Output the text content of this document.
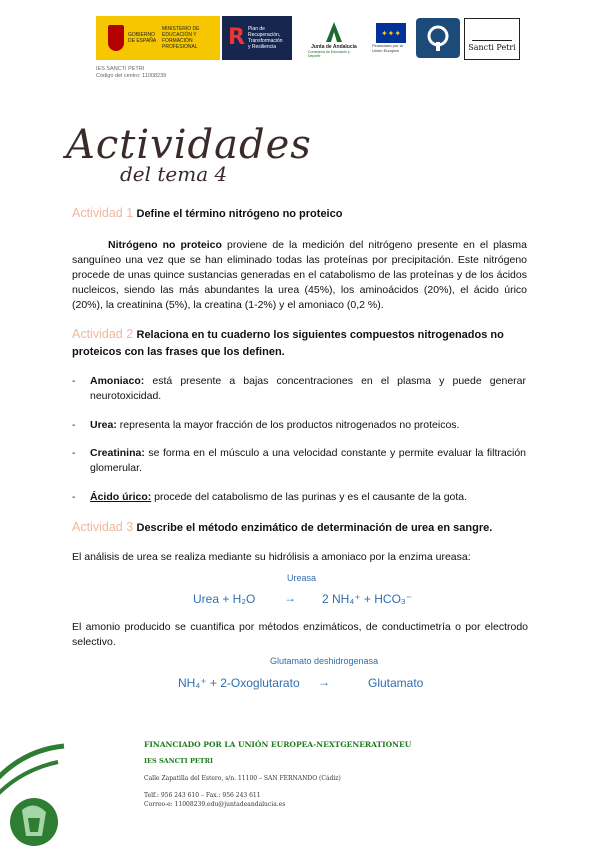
GOBIERNO DE ESPAÑA
MINISTERIO DE EDUCACIÓN Y FORMACIÓN PROFESIONAL	R Plan de Recuperación, Transformación y Resiliencia	Junta de Andalucía
Consejería de Educación y Deporte
✦✦✦
Financiado por la Unión Europea	Sancti Petri
IES SANCTI PETRI
Código del centro: 11008239
Actividades
del tema 4
Actividad 1 Define el término nitrógeno no proteico
Nitrógeno no proteico proviene de la medición del nitrógeno presente en el plasma sanguíneo una vez que se han eliminado todas las proteínas por precipitación. Este nitrógeno procede de unas quince sustancias generadas en el catabolismo de las proteínas y de los ácidos nucleicos, siendo las más abundantes la urea (45%), los aminoácidos (20%), el ácido úrico (20%), la creatinina (5%), la creatina (1-2%) y el amoniaco (0,2 %).
Actividad 2 Relaciona en tu cuaderno los siguientes compuestos nitrogenados no proteicos con las frases que los definen.
- Amoniaco: está presente a bajas concentraciones en el plasma y puede generar neurotoxicidad.
- Urea: representa la mayor fracción de los productos nitrogenados no proteicos.
- Creatinina: se forma en el músculo a una velocidad constante y permite evaluar la filtración glomerular.
- Ácido úrico: procede del catabolismo de las purinas y es el causante de la gota.
Actividad 3 Describe el método enzimático de determinación de urea en sangre.
El análisis de urea se realiza mediante su hidrólisis a amoniaco por la enzima ureasa:
Ureasa
Urea + H₂O → 2 NH₄⁺ + HCO₃⁻
El amonio producido se cuantifica por métodos enzimáticos, de conductimetría o por electrodo selectivo.
Glutamato deshidrogenasa
NH₄⁺ + 2-Oxoglutarato →	Glutamato
FINANCIADO POR LA UNIÓN EUROPEA-NEXTGENERATIONEU
IES SANCTI PETRI
Calle Zapatilla del Estero, s/n. 11100 – SAN FERNANDO (Cádiz)
Telf.: 956 243 610 – Fax.: 956 243 611
Correo-e: 11008239.edu@juntadeandalucia.es
